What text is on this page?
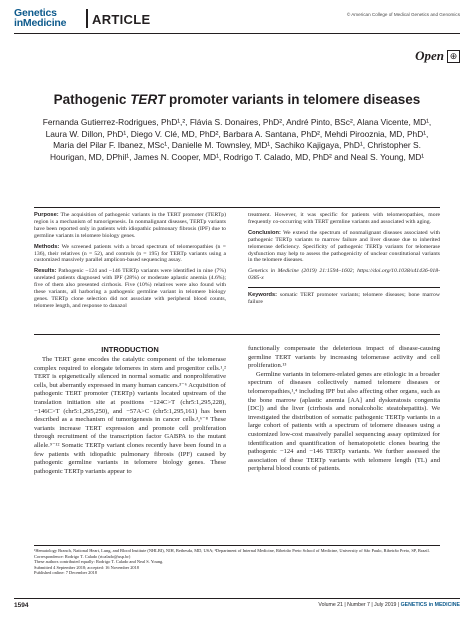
Genetics
inMedicine ARTICLE	© American College of Medical Genetics and Genomics
Open ⊕
Pathogenic TERT promoter variants in telomere diseases
Fernanda Gutierrez-Rodrigues, PhD¹,², Flávia S. Donaires, PhD², André Pinto, BSc², Alana Vicente, MD¹, Laura W. Dillon, PhD¹, Diego V. Clé, MD, PhD², Barbara A. Santana, PhD², Mehdi Pirooznia, MD, PhD¹, Maria del Pilar F. Ibanez, MSc¹, Danielle M. Townsley, MD¹, Sachiko Kajigaya, PhD¹, Christopher S. Hourigan, MD, DPhil¹, James N. Cooper, MD¹, Rodrigo T. Calado, MD, PhD² and Neal S. Young, MD¹

Purpose: The acquisition of pathogenic variants in the TERT promoter (TERTp) region is a mechanism of tumorigenesis. In nonmalignant diseases, TERTp variants have been reported only in patients with idiopathic pulmonary fibrosis (IPF) due to germline variants in telomere biology genes.

Methods: We screened patients with a broad spectrum of telomeropathies (n = 136), their relatives (n = 52), and controls (n = 195) for TERTp variants using a customized massively parallel amplicon-based sequencing assay.

Results: Pathogenic −124 and −146 TERTp variants were identified in nine (7%) unrelated patients diagnosed with IPF (28%) or moderate aplastic anemia (4.6%); five of them also presented cirrhosis. Five (10%) relatives were also found with these variants, all harboring a pathogenic germline variant in telomere biology genes. TERTp clone selection did not associate with peripheral blood counts, telomere length, and response to danazol

treatment. However, it was specific for patients with telomeropathies, more frequently co-occurring with TERT germline variants and associated with aging.

Conclusion: We extend the spectrum of nonmalignant diseases associated with pathogenic TERTp variants to marrow failure and liver disease due to inherited telomerase deficiency. Specificity of pathogenic TERTp variants for telomerase dysfunction may help to assess the pathogenicity of unclear constitutional variants in the telomere diseases.

Genetics in Medicine (2019) 21:1594–1602; https://doi.org/10.1038/s41436-018-0385-x

Keywords: somatic TERT promoter variants; telomere diseases; bone marrow failure

INTRODUCTION

The TERT gene encodes the catalytic component of the telomerase complex required to elongate telomeres in stem and progenitor cells.¹,² TERT is epigenetically silenced in normal somatic and nonproliferative cells, but aberrantly expressed in many human cancers.³⁻⁶ Acquisition of pathogenic TERT promoter (TERTp) variants located upstream of the translation initiation site at positions −124C>T (chr5:1,295,228), −146C>T (chr5:1,295,250), and −57A>C (chr5:1,295,161) has been described as a mechanism of tumorigenesis in cancer cells.³,⁶⁻⁸ These variants increase TERT expression and promote cell proliferation through recruitment of the transcription factor GABPA to the mutant allele.⁹⁻¹² Somatic TERTp variant clones recently have been found in a few patients with idiopathic pulmonary fibrosis (IPF) caused by pathogenic germline variants in telomere biology genes. These pathogenic TERTp variants appear to

functionally compensate the deleterious impact of disease-causing germline TERT variants by increasing telomerase activity and cell proliferation.¹³

Germline variants in telomere-related genes are etiologic in a broader spectrum of diseases collectively named telomere diseases or telomeropathies,¹,⁴ including IPF but also affecting other organs, such as the bone marrow (aplastic anemia [AA] and dyskeratosis congenita [DC]) and the liver (cirrhosis and nonalcoholic steatohepatitis). We investigated the distribution of somatic pathogenic TERTp variants in a large cohort of patients with a spectrum of telomere diseases using a customized low-cost massively parallel sequencing assay optimized for identification and quantification of hematopoietic clones bearing the pathogenic −124 and −146 TERTp variants. We further assessed the association of these TERTp variants with telomere length (TL) and peripheral blood counts of patients.

¹Hematology Branch, National Heart, Lung, and Blood Institute (NHLBI), NIH, Bethesda, MD, USA; ²Department of Internal Medicine, Ribeirão Preto School of Medicine, University of São Paulo, Ribeirão Preto, SP, Brazil. Correspondence: Rodrigo T. Calado (rtcalado@usp.br)
These authors contributed equally: Rodrigo T. Calado and Neal S. Young.
Submitted 4 September 2018; accepted: 16 November 2018
Published online: 7 December 2018
1594	Volume 21 | Number 7 | July 2019 | GENETICS in MEDICINE
